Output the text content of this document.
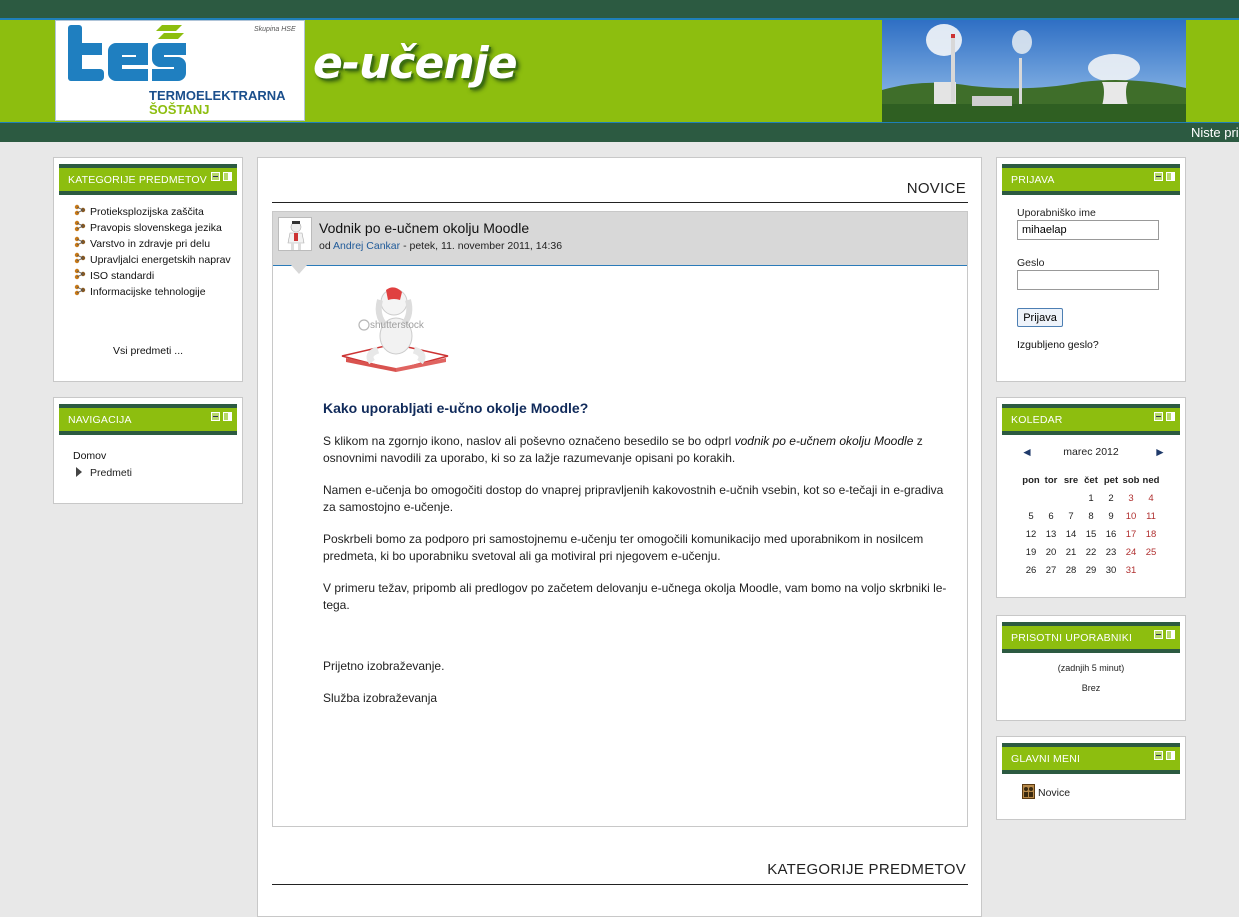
Skupina HSE
TERMOELEKTRARNA
ŠOŠTANJ
e-učenje
Niste pri
KATEGORIJE PREDMETOV
Protieksplozijska zaščita
Pravopis slovenskega jezika
Varstvo in zdravje pri delu
Upravljalci energetskih naprav
ISO standardi
Informacijske tehnologije
Vsi predmeti ...
NAVIGACIJA
Domov
Predmeti
NOVICE
Vodnik po e-učnem okolju Moodle
od Andrej Cankar - petek, 11. november 2011, 14:36
shutterstock
Kako uporabljati e-učno okolje Moodle?

S klikom na zgornjo ikono, naslov ali poševno označeno besedilo se bo odprl vodnik po e-učnem okolju Moodle z osnovnimi navodili za uporabo, ki so za lažje razumevanje opisani po korakih.

Namen e-učenja bo omogočiti dostop do vnaprej pripravljenih kakovostnih e-učnih vsebin, kot so e-tečaji in e-gradiva za samostojno e-učenje.

Poskrbeli bomo za podporo pri samostojnemu e-učenju ter omogočili komunikacijo med uporabnikom in nosilcem predmeta, ki bo uporabniku svetoval ali ga motiviral pri njegovem e-učenju.

V primeru težav, pripomb ali predlogov po začetem delovanju e-učnega okolja Moodle, vam bomo na voljo skrbniki le-tega.

Prijetno izobraževanje.

Služba izobraževanja

KATEGORIJE PREDMETOV
PRIJAVA
Uporabniško ime
mihaelap
Geslo
Prijava
Izgubljeno geslo?
KOLEDAR
marec 2012
◄	►
pon	tor	sre	čet	pet	sob	ned
			1	2	3	4
5	6	7	8	9	10	11
12	13	14	15	16	17	18
19	20	21	22	23	24	25
26	27	28	29	30	31	
PRISOTNI UPORABNIKI
(zadnjih 5 minut)
Brez
GLAVNI MENI
Novice
